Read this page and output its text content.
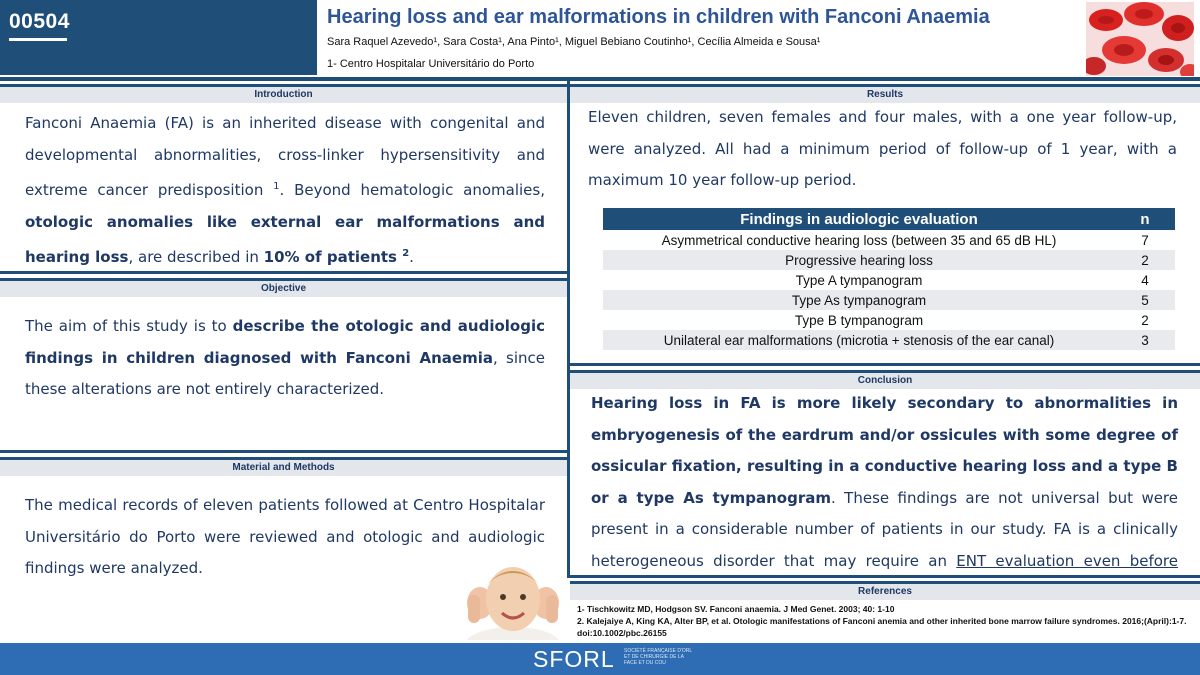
00504	Hearing loss and ear malformations in children with Fanconi Anaemia
Sara Raquel Azevedo¹, Sara Costa¹, Ana Pinto¹, Miguel Bebiano Coutinho¹, Cecília Almeida e Sousa¹
1- Centro Hospitalar Universitário do Porto
Introduction
Fanconi Anaemia (FA) is an inherited disease with congenital and developmental abnormalities, cross-linker hypersensitivity and extreme cancer predisposition $^1$. Beyond hematologic anomalies, otologic anomalies like external ear malformations and hearing loss, are described in 10% of patients $^2$.
Objective
The aim of this study is to describe the otologic and audiologic findings in children diagnosed with Fanconi Anaemia, since these alterations are not entirely characterized.
Material and Methods
The medical records of eleven patients followed at Centro Hospitalar Universitário do Porto were reviewed and otologic and audiologic findings were analyzed.
Results
Eleven children, seven females and four males, with a one year follow-up, were analyzed. All had a minimum period of follow-up of 1 year, with a maximum 10 year follow-up period.
Findings in audiologic evaluation	n
Asymmetrical conductive hearing loss (between 35 and 65 dB HL)	7
Progressive hearing loss	2
Type A tympanogram	4
Type As tympanogram	5
Type B tympanogram	2
Unilateral ear malformations (microtia + stenosis of the ear canal)	3
Conclusion
Hearing loss in FA is more likely secondary to abnormalities in embryogenesis of the eardrum and/or ossicules with some degree of ossicular fixation, resulting in a conductive hearing loss and a type B or a type As tympanogram. These findings are not universal but were present in a considerable number of patients in our study. FA is a clinically heterogeneous disorder that may require an ENT evaluation even before
References
1- Tischkowitz MD, Hodgson SV. Fanconi anaemia. J Med Genet. 2003; 40: 1-10
2. Kalejaiye A, King KA, Alter BP, et al. Otologic manifestations of Fanconi anemia and other inherited bone marrow failure syndromes. 2016;(April):1-7. doi:10.1002/pbc.26155
SFORL SOCIÉTÉ FRANÇAISE D'ORL ET DE CHIRURGIE DE LA FACE ET DU COU
